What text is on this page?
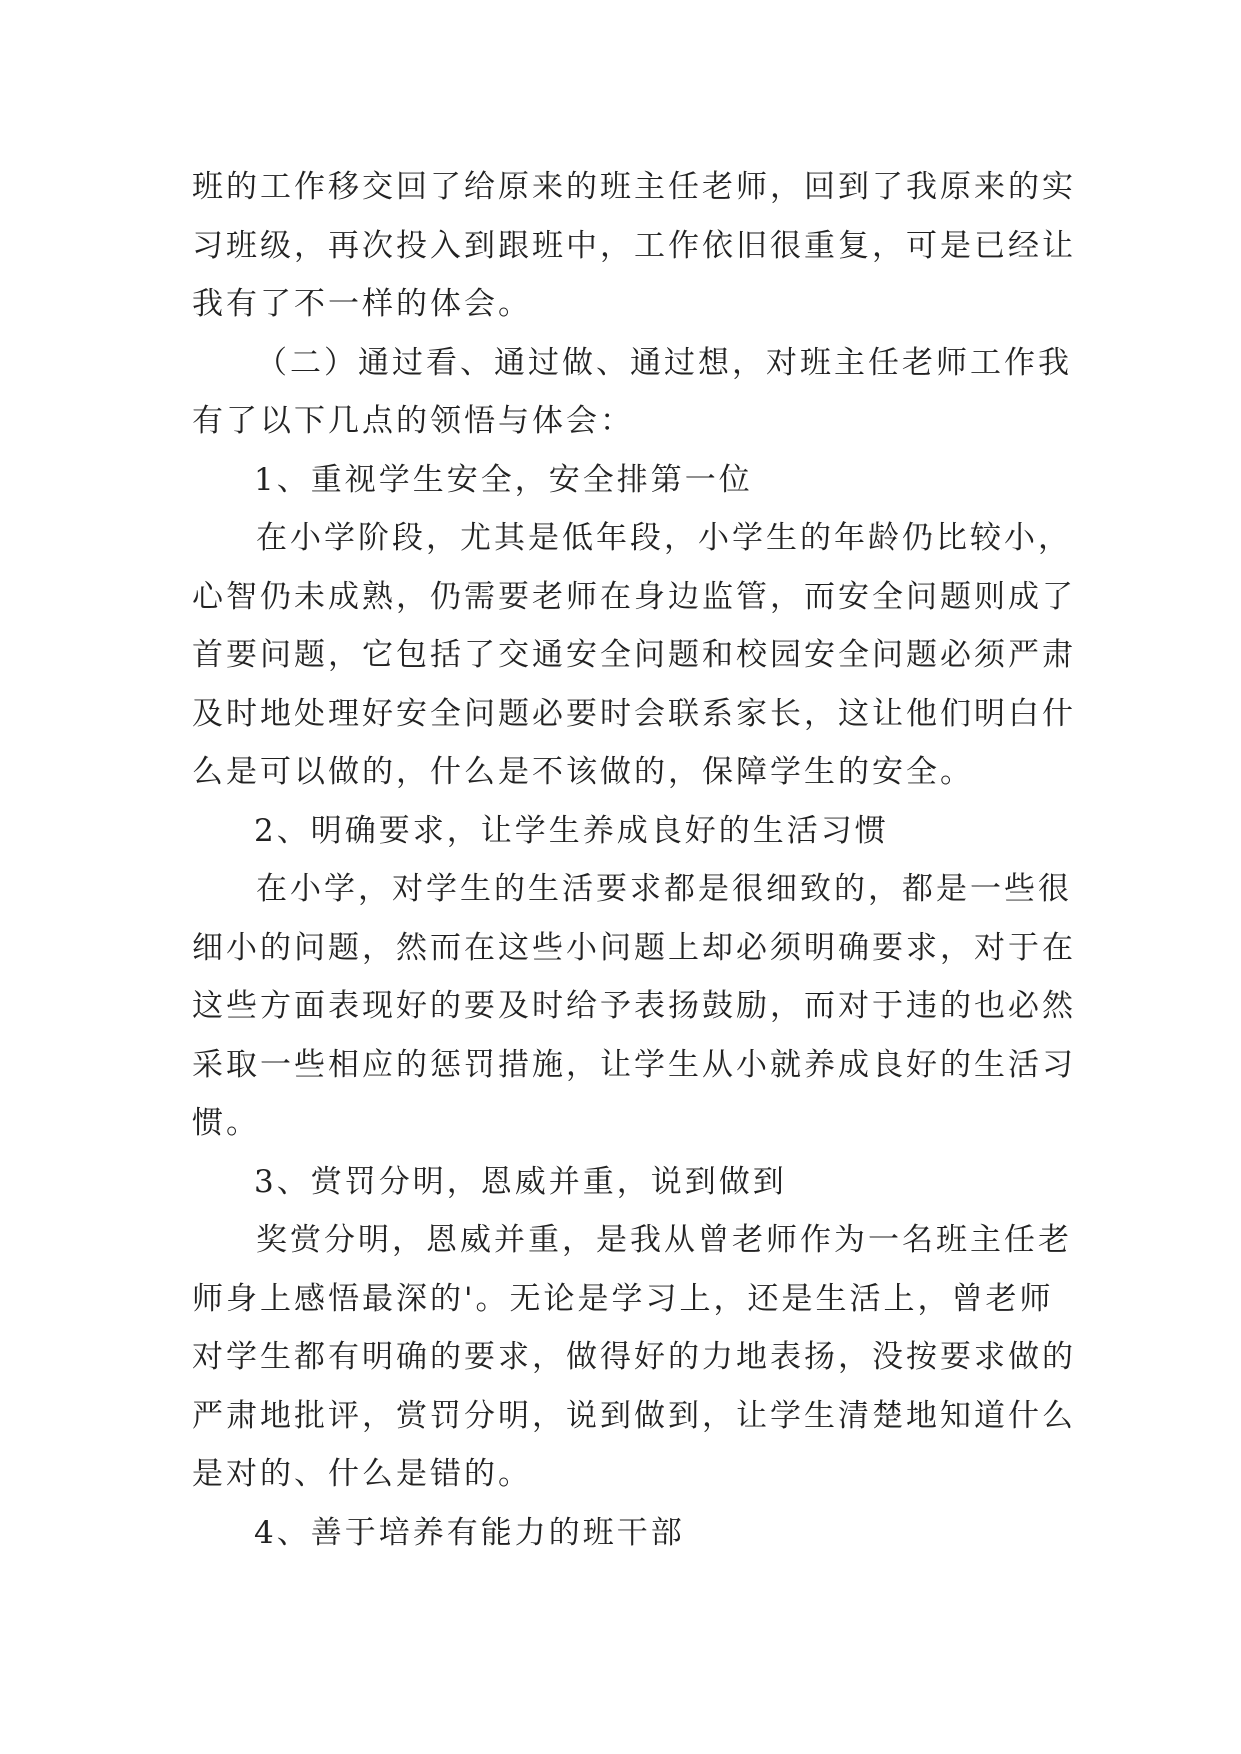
班的工作移交回了给原来的班主任老师，回到了我原来的实
习班级，再次投入到跟班中，工作依旧很重复，可是已经让
我有了不一样的体会。
（二）通过看、通过做、通过想，对班主任老师工作我
有了以下几点的领悟与体会：
1、重视学生安全，安全排第一位
在小学阶段，尤其是低年段，小学生的年龄仍比较小，
心智仍未成熟，仍需要老师在身边监管，而安全问题则成了
首要问题，它包括了交通安全问题和校园安全问题必须严肃
及时地处理好安全问题必要时会联系家长，这让他们明白什
么是可以做的，什么是不该做的，保障学生的安全。
2、明确要求，让学生养成良好的生活习惯
在小学，对学生的生活要求都是很细致的，都是一些很
细小的问题，然而在这些小问题上却必须明确要求，对于在
这些方面表现好的要及时给予表扬鼓励，而对于违的也必然
采取一些相应的惩罚措施，让学生从小就养成良好的生活习
惯。
3、赏罚分明，恩威并重，说到做到
奖赏分明，恩威并重，是我从曾老师作为一名班主任老
师身上感悟最深的'。无论是学习上，还是生活上，曾老师
对学生都有明确的要求，做得好的力地表扬，没按要求做的
严肃地批评，赏罚分明，说到做到，让学生清楚地知道什么
是对的、什么是错的。
4、善于培养有能力的班干部
